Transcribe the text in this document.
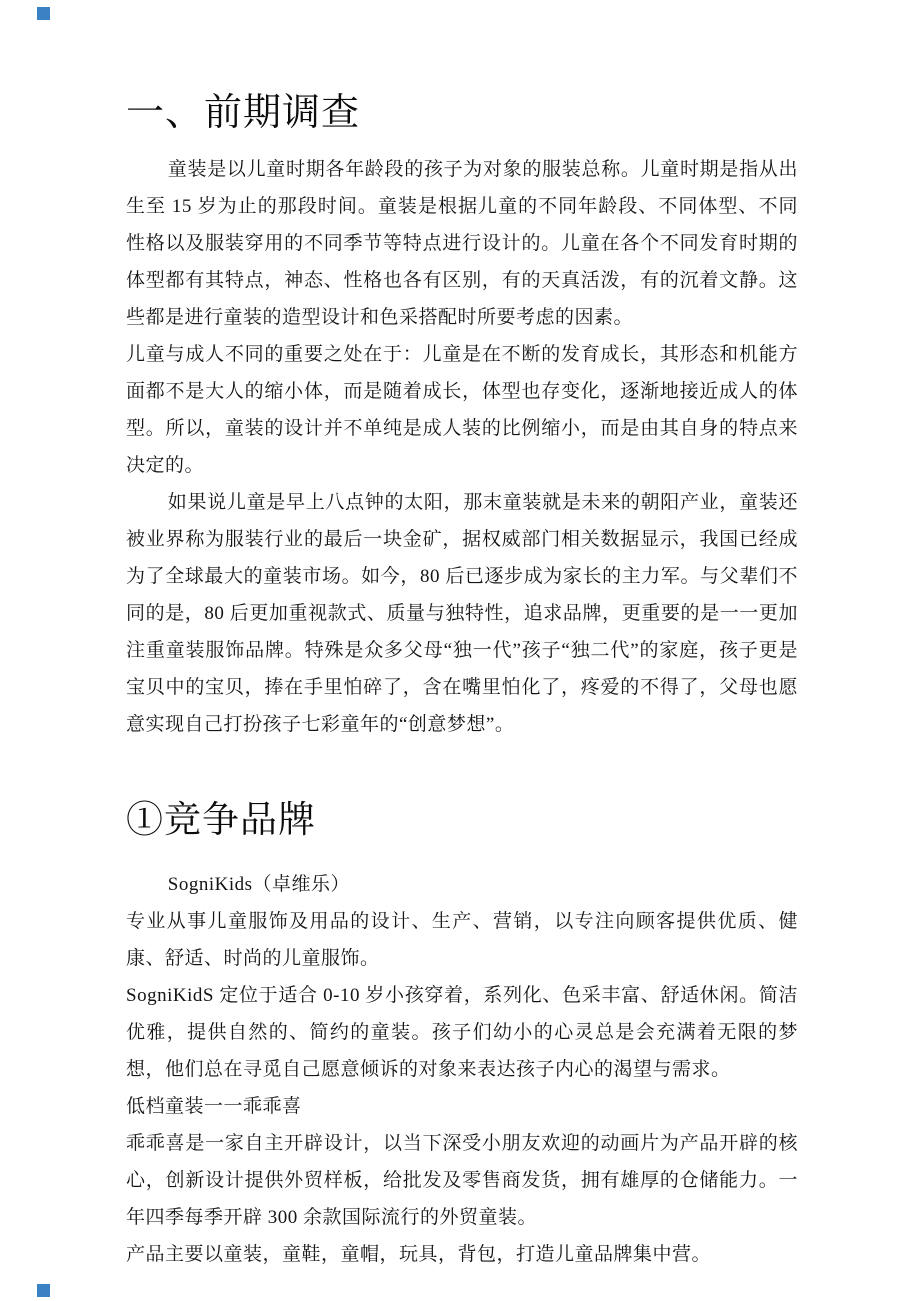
一、前期调查

童装是以儿童时期各年龄段的孩子为对象的服装总称。儿童时期是指从出生至 15 岁为止的那段时间。童装是根据儿童的不同年龄段、不同体型、不同性格以及服装穿用的不同季节等特点进行设计的。儿童在各个不同发育时期的体型都有其特点，神态、性格也各有区别，有的天真活泼，有的沉着文静。这些都是进行童装的造型设计和色采搭配时所要考虑的因素。

儿童与成人不同的重要之处在于：儿童是在不断的发育成长，其形态和机能方面都不是大人的缩小体，而是随着成长，体型也存变化，逐渐地接近成人的体型。所以，童装的设计并不单纯是成人装的比例缩小，而是由其自身的特点来决定的。

如果说儿童是早上八点钟的太阳，那末童装就是未来的朝阳产业，童装还被业界称为服装行业的最后一块金矿，据权威部门相关数据显示，我国已经成为了全球最大的童装市场。如今，80 后已逐步成为家长的主力军。与父辈们不同的是，80 后更加重视款式、质量与独特性，追求品牌，更重要的是一一更加注重童装服饰品牌。特殊是众多父母“独一代”孩子“独二代”的家庭，孩子更是宝贝中的宝贝，捧在手里怕碎了，含在嘴里怕化了，疼爱的不得了，父母也愿意实现自己打扮孩子七彩童年的“创意梦想”。

①竞争品牌

SogniKids（卓维乐）

专业从事儿童服饰及用品的设计、生产、营销，以专注向顾客提供优质、健康、舒适、时尚的儿童服饰。

SogniKidS 定位于适合 0-10 岁小孩穿着，系列化、色采丰富、舒适休闲。简洁优雅，提供自然的、简约的童装。孩子们幼小的心灵总是会充满着无限的梦想，他们总在寻觅自己愿意倾诉的对象来表达孩子内心的渴望与需求。

低档童装一一乖乖喜

乖乖喜是一家自主开辟设计，以当下深受小朋友欢迎的动画片为产品开辟的核心，创新设计提供外贸样板，给批发及零售商发货，拥有雄厚的仓储能力。一年四季每季开辟 300 余款国际流行的外贸童装。

产品主要以童装，童鞋，童帽，玩具，背包，打造儿童品牌集中营。
